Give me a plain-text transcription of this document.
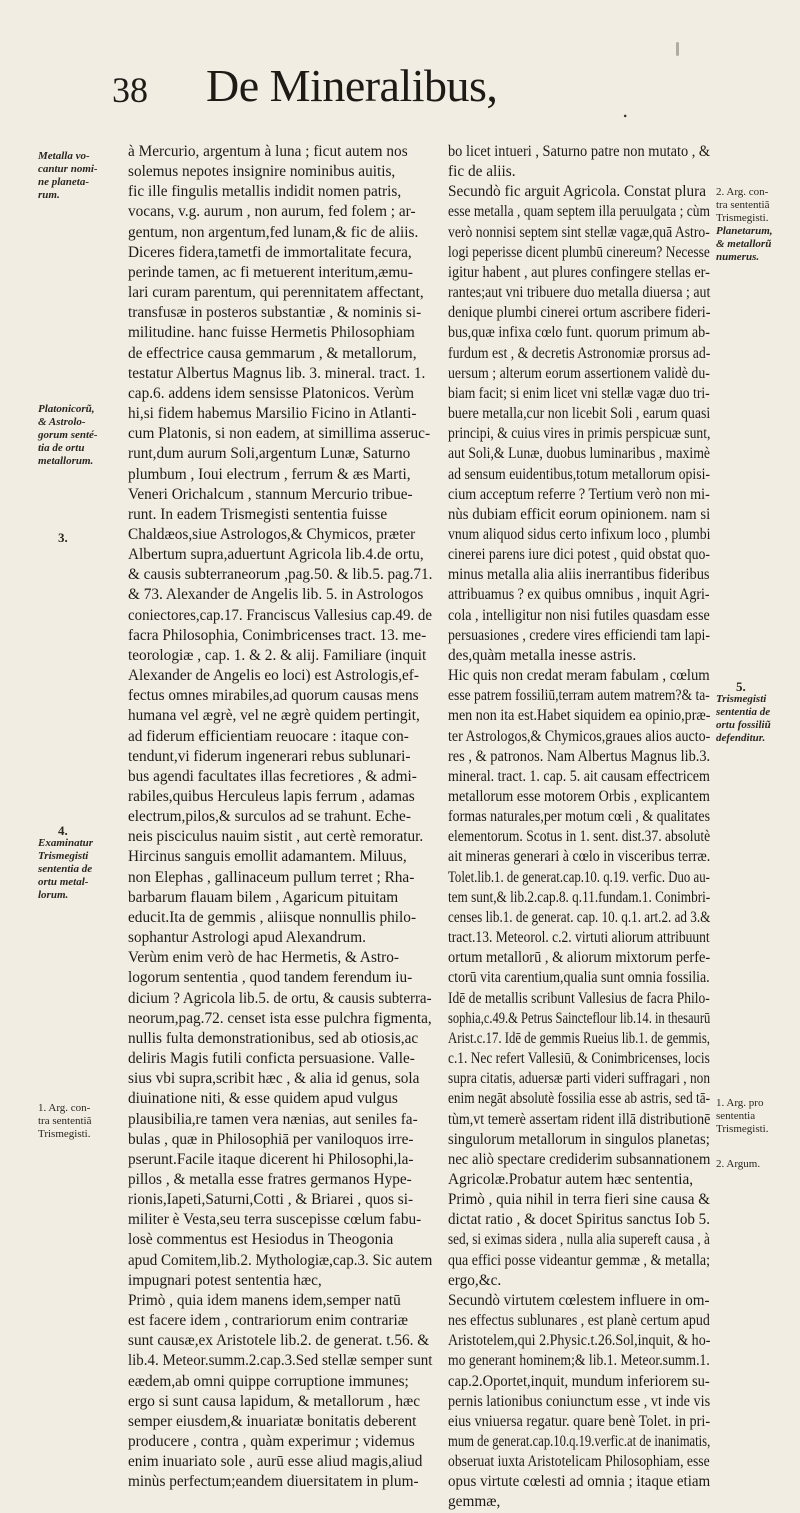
38 De Mineralibus,	.
Metalla vo-
cantur nomi-
ne planeta-
rum.
Platonicorũ,
& Astrolo-
gorum senté-
tia de ortu
metallorum.
3.
4.
Examinatur
Trismegisti
sententia de
ortu metal-
lorum.
1. Arg. con-
tra sententiã
Trismegisti.
2. Arg. con-
tra sententiã
Trismegisti.
Planetarum,
& metallorũ
numerus.
5.
Trismegisti
sententia de
ortu fossiliũ
defenditur.
1. Arg. pro
sententia
Trismegisti.
2. Argum.
à Mercurio, argentum à luna ; ficut autem nos
solemus nepotes insignire nominibus auitis,
fic ille fingulis metallis indidit nomen patris,
vocans, v.g. aurum , non aurum, fed folem ; ar-
gentum, non argentum,fed lunam,& fic de aliis.
Diceres fidera,tametfi de immortalitate fecura,
perinde tamen, ac fi metuerent interitum,æmu-
lari curam parentum, qui perennitatem affectant,
transfusæ in posteros substantiæ , & nominis si-
militudine. hanc fuisse Hermetis Philosophiam
de effectrice causa gemmarum , & metallorum,
testatur Albertus Magnus lib. 3. mineral. tract. 1.
cap.6. addens idem sensisse Platonicos. Verùm
hi,si fidem habemus Marsilio Ficino in Atlanti-
cum Platonis, si non eadem, at simillima asseruc-
runt,dum aurum Soli,argentum Lunæ, Saturno
plumbum , Ioui electrum , ferrum & æs Marti,
Veneri Orichalcum , stannum Mercurio tribue-
runt. In eadem Trismegisti sententia fuisse
Chaldæos,siue Astrologos,& Chymicos, præter
Albertum supra,aduertunt Agricola lib.4.de ortu,
& causis subterraneorum ,pag.50. & lib.5. pag.71.
& 73. Alexander de Angelis lib. 5. in Astrologos
coniectores,cap.17. Franciscus Vallesius cap.49. de
facra Philosophia, Conimbricenses tract. 13. me-
teorologiæ , cap. 1. & 2. & alij. Familiare (inquit
Alexander de Angelis eo loci) est Astrologis,ef-
fectus omnes mirabiles,ad quorum causas mens
humana vel ægrè, vel ne ægrè quidem pertingit,
ad fiderum efficientiam reuocare : itaque con-
tendunt,vi fiderum ingenerari rebus sublunari-
bus agendi facultates illas fecretiores , & admi-
rabiles,quibus Herculeus lapis ferrum , adamas
electrum,pilos,& surculos ad se trahunt. Eche-
neis pisciculus nauim sistit , aut certè remoratur.
Hircinus sanguis emollit adamantem. Miluus,
non Elephas , gallinaceum pullum terret ; Rha-
barbarum flauam bilem , Agaricum pituitam
educit.Ita de gemmis , aliisque nonnullis philo-
sophantur Astrologi apud Alexandrum.
Verùm enim verò de hac Hermetis, & Astro-
logorum sententia , quod tandem ferendum iu-
dicium ? Agricola lib.5. de ortu, & causis subterra-
neorum,pag.72. censet ista esse pulchra figmenta,
nullis fulta demonstrationibus, sed ab otiosis,ac
deliris Magis futili conficta persuasione. Valle-
sius vbi supra,scribit hæc , & alia id genus, sola
diuinatione niti, & esse quidem apud vulgus
plausibilia,re tamen vera nænias, aut seniles fa-
bulas , quæ in Philosophiā per vaniloquos irre-
pserunt.Facile itaque dicerent hi Philosophi,la-
pillos , & metalla esse fratres germanos Hype-
rionis,Iapeti,Saturni,Cotti , & Briarei , quos si-
militer è Vesta,seu terra suscepisse cœlum fabu-
losè commentus est Hesiodus in Theogonia
apud Comitem,lib.2. Mythologiæ,cap.3. Sic autem
impugnari potest sententia hæc,
Primò , quia idem manens idem,semper natū
est facere idem , contrariorum enim contrariæ
sunt causæ,ex Aristotele lib.2. de generat. t.56. &
lib.4. Meteor.summ.2.cap.3.Sed stellæ semper sunt
eædem,ab omni quippe corruptione immunes;
ergo si sunt causa lapidum, & metallorum , hæc
semper eiusdem,& inuariatæ bonitatis deberent
producere , contra , quàm experimur ; videmus
enim inuariato sole , aurū esse aliud magis,aliud
minùs perfectum;eandem diuersitatem in plum-
bo licet intueri , Saturno patre non mutato , &
fic de aliis.
Secundò fic arguit Agricola. Constat plura
esse metalla , quam septem illa peruulgata ; cùm
verò nonnisi septem sint stellæ vagæ,quā Astro-
logi peperisse dicent plumbū cinereum? Necesse
igitur habent , aut plures confingere stellas er-
rantes;aut vni tribuere duo metalla diuersa ; aut
denique plumbi cinerei ortum ascribere fideri-
bus,quæ infixa cœlo funt. quorum primum ab-
furdum est , & decretis Astronomiæ prorsus ad-
uersum ; alterum eorum assertionem validè du-
biam facit; si enim licet vni stellæ vagæ duo tri-
buere metalla,cur non licebit Soli , earum quasi
principi, & cuius vires in primis perspicuæ sunt,
aut Soli,& Lunæ, duobus luminaribus , maximè
ad sensum euidentibus,totum metallorum opisi-
cium acceptum referre ? Tertium verò non mi-
nùs dubiam efficit eorum opinionem. nam si
vnum aliquod sidus certo infixum loco , plumbi
cinerei parens iure dici potest , quid obstat quo-
minus metalla alia aliis inerrantibus fideribus
attribuamus ? ex quibus omnibus , inquit Agri-
cola , intelligitur non nisi futiles quasdam esse
persuasiones , credere vires efficiendi tam lapi-
des,quàm metalla inesse astris.
Hic quis non credat meram fabulam , cœlum
esse patrem fossiliū,terram autem matrem?& ta-
men non ita est.Habet siquidem ea opinio,præ-
ter Astrologos,& Chymicos,graues alios aucto-
res , & patronos. Nam Albertus Magnus lib.3.
mineral. tract. 1. cap. 5. ait causam effectricem
metallorum esse motorem Orbis , explicantem
formas naturales,per motum cœli , & qualitates
elementorum. Scotus in 1. sent. dist.37. absolutè
ait mineras generari à cœlo in visceribus terræ.
Tolet.lib.1. de generat.cap.10. q.19. verfic. Duo au-
tem sunt,& lib.2.cap.8. q.11.fundam.1. Conimbri-
censes lib.1. de generat. cap. 10. q.1. art.2. ad 3.&
tract.13. Meteorol. c.2. virtuti aliorum attribuunt
ortum metallorū , & aliorum mixtorum perfe-
ctorū vita carentium,qualia sunt omnia fossilia.
Idē de metallis scribunt Vallesius de facra Philo-
sophia,c.49.& Petrus Saincteflour lib.14. in thesaurū
Arist.c.17. Idē de gemmis Rueius lib.1. de gemmis,
c.1. Nec refert Vallesiū, & Conimbricenses, locis
supra citatis, aduersæ parti videri suffragari , non
enim negāt absolutè fossilia esse ab astris, sed tā-
tùm,vt temerè assertam rident illā distributionē
singulorum metallorum in singulos planetas;
nec aliò spectare crediderim subsannationem
Agricolæ.Probatur autem hæc sententia,
Primò , quia nihil in terra fieri sine causa &
dictat ratio , & docet Spiritus sanctus Iob 5.
sed, si eximas sidera , nulla alia supereft causa , à
qua effici posse videantur gemmæ , & metalla;
ergo,&c.
Secundò virtutem cœlestem influere in om-
nes effectus sublunares , est planè certum apud
Aristotelem,qui 2.Physic.t.26.Sol,inquit, & ho-
mo generant hominem;& lib.1. Meteor.summ.1.
cap.2.Oportet,inquit, mundum inferiorem su-
pernis lationibus coniunctum esse , vt inde vis
eius vniuersa regatur. quare benè Tolet. in pri-
mum de generat.cap.10.q.19.verfic.at de inanimatis,
obseruat iuxta Aristotelicam Philosophiam, esse
opus virtute cœlesti ad omnia ; itaque etiam
gemmæ,
